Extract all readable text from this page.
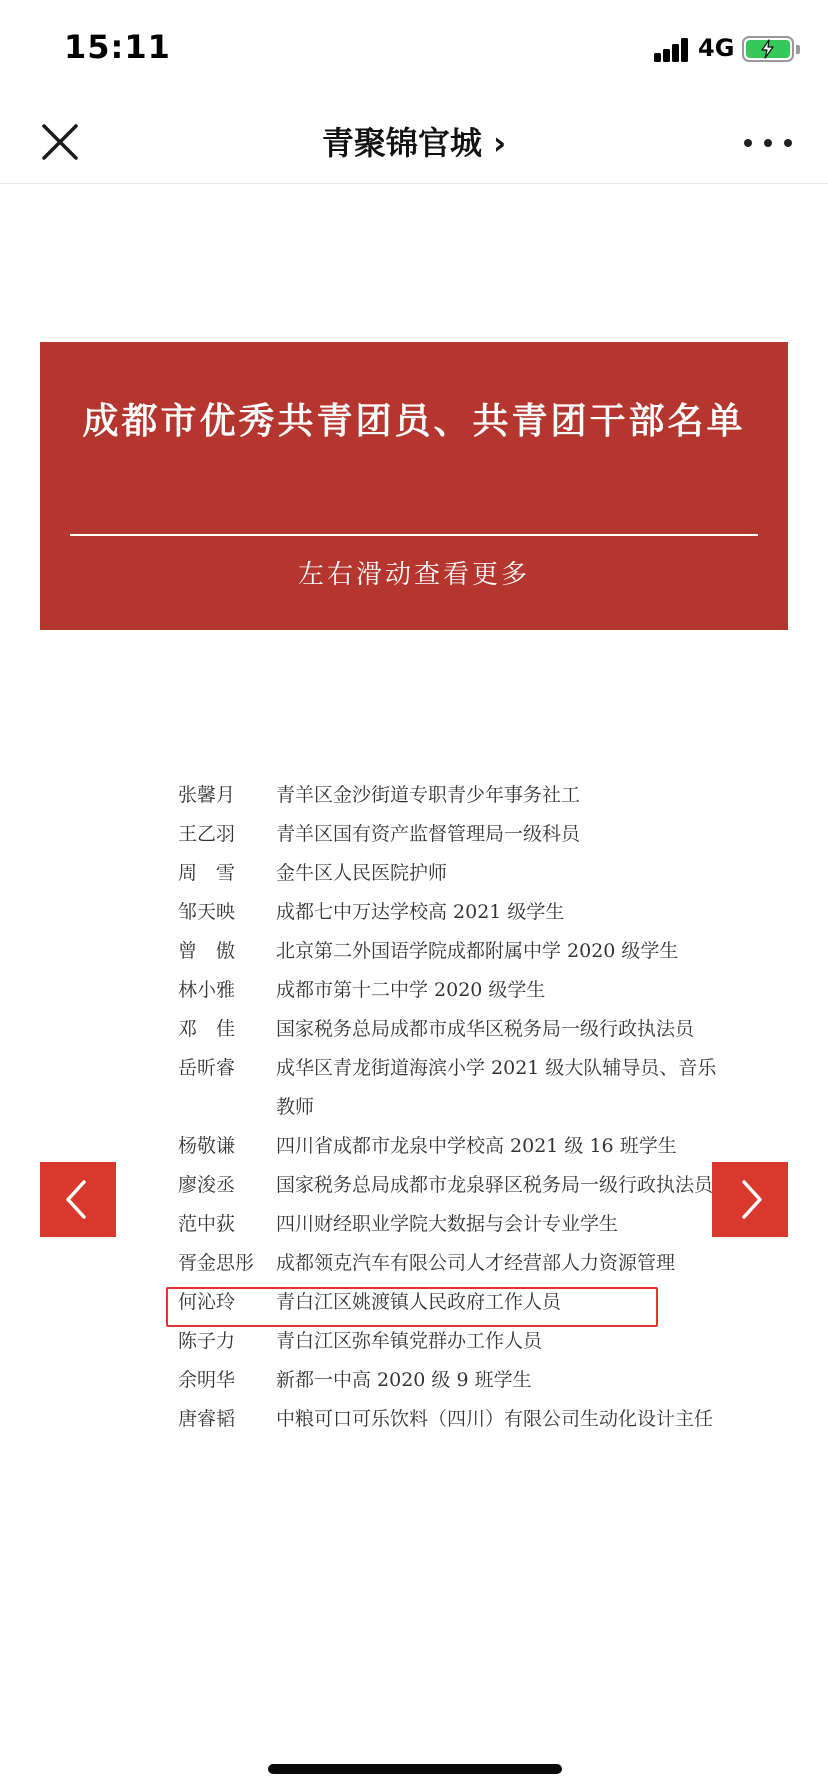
15:11	4G
青聚锦官城 ›
成都市优秀共青团员、共青团干部名单
左右滑动查看更多
张馨月	青羊区金沙街道专职青少年事务社工
王乙羽	青羊区国有资产监督管理局一级科员
周　雪	金牛区人民医院护师
邹天映	成都七中万达学校高 2021 级学生
曾　傲	北京第二外国语学院成都附属中学 2020 级学生
林小雅	成都市第十二中学 2020 级学生
邓　佳	国家税务总局成都市成华区税务局一级行政执法员
岳昕睿	成华区青龙街道海滨小学 2021 级大队辅导员、音乐教师
杨敬谦	四川省成都市龙泉中学校高 2021 级 16 班学生
廖浚丞	国家税务总局成都市龙泉驿区税务局一级行政执法员
范中荻	四川财经职业学院大数据与会计专业学生
胥金思彤	成都领克汽车有限公司人才经营部人力资源管理
何沁玲	青白江区姚渡镇人民政府工作人员
陈子力	青白江区弥牟镇党群办工作人员
余明华	新都一中高 2020 级 9 班学生
唐睿韬	中粮可口可乐饮料（四川）有限公司生动化设计主任
